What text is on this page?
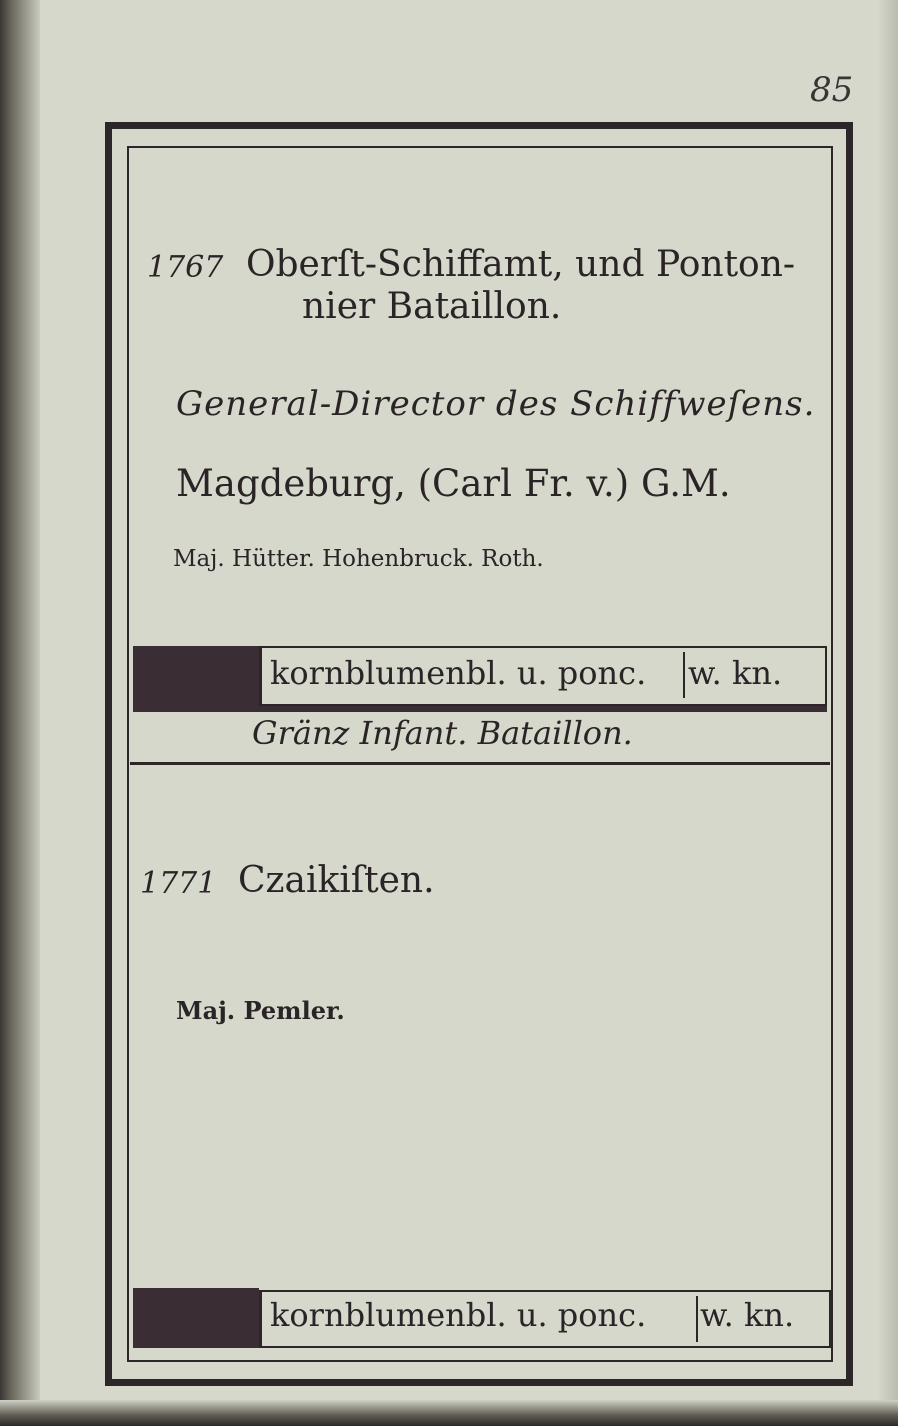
85
1767 Oberſt-Schiffamt, und Ponton-
nier Bataillon.
General-Director des Schiffweſens.
Magdeburg, (Carl Fr. v.) G.M.
Maj. Hütter. Hohenbruck. Roth.
kornblumenbl. u. ponc. w. kn.
Gränz Infant. Bataillon.
1771 Czaikiſten.
Maj. Pemler.
kornblumenbl. u. ponc. w. kn.
